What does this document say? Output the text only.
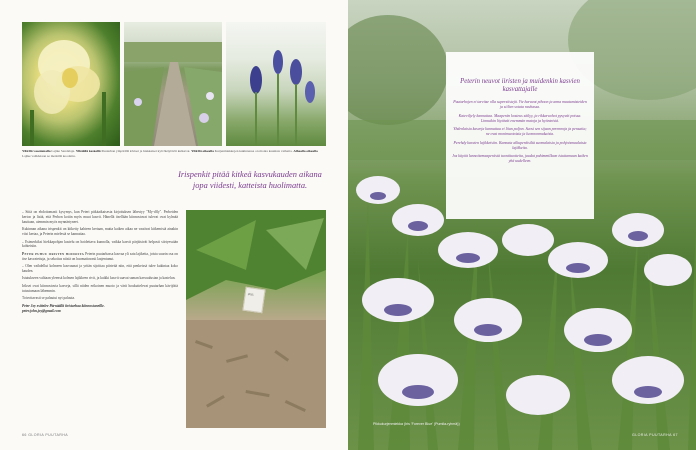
Yllä/llä vasemmalla Lajike Sandalaja. Ylhäällä keskellä Puutarhan ympärillä kiviset ja hiekkaiset kylvökäytävät kulkevat. Yllä/llä oikealla Kurjenmiekkojen kukinnassa on monta kaunista vaihetta. Alhaalla oikealla Lajike vaihdetaan se merkillä koodattu.
Irispenkit pitää kitkeä kasvukauden aikana jopa viidesti, katteista huolimatta.

– Siitä on ehdottomasti kysymys, kun Peteri pitkäaikaisesta kirjoituksen lähestyy "My-dfly". Perheiden kertoo ja lisää, että Perhon kotiin myös muut kasvit. Hänellä itsellään kiinnostavat tulevat ovat kylmää kauttaan, aiemmin myös mynnärtyneet.

Kukinnan aikana irispenkit on kitketty kahteen kertaan, mutta kaiken aikaa ne vaativat kitkemistä ainakin viisi kertaa, ja Peterin mielestä se kannattaa.

– Esimerkiksi hiekkapohjan kastelu on hoidettava kunnolla, vaikka kasvit pärjäisivät helposti siirtyessään kohteisiin.

Peter puhuu iiristen hoidosta Peterin puutarhassa kasvaa yli sata lajiketta, joista suurin osa on itse kasvatettuja, ja sekoitus niistä on huomattavasti laajentunut.

– Olen vaihdellut kolmeen kasvuunat ja yritän sijoittaa piirteitä niin, että penkeissä tulee kukintaa koko kauden.

Istutukseen valitaan yleensä kolmen lajikkeen rivit, ja kaikki kasvit saavat saman kasvualustan ja kastelun.

Irikset ovat kiinnostavia kasveja, sillä niiden erikoinen muoto ja värit houkuttelevat puutarhan kävijöitä tutustumaan lähemmin.

Toivottavasti se palautui nyt paluuta.

Peter Joy esittelee Pärnäällä iiristarhaa kiinnostuneille.
peter.john.joy@gmail.com

IRIS
66 GLORIA PUUTARHA
Peterin neuvot iiristen ja muidenkin kasvien kasvattajalle

Puutarhojen ei tarvitse olla supersiistejä. Vie haravat pihoon ja anna maatumisteiden ja siilien sotata rauhassa.

Kateviljely kannattaa. Maaperän kosteus säilyy, ja rikkaruohot pysyvät poissa. Linnutkin löytävät enemmän matoja ja hyönteisiä.

Yhdenlaisia kasveja kannattaa ei liian paljon. Suosi sen sijaan perennoja ja pensaita; ne ovat monimuotoisia ja luonnonmukaisia.

Perehdy kasvien lajikkeisiin. Kannata alkuperäisiltä suomalaisia ja pohjoismaalaisia lajikkeita.

Jos käytät lannoitemaaperästä tuontituotteita, jaudat pahimmillaan istuttamaan kaiken yhä uudelleen.

Pikkukurjenmiekka (Iris 'Forever Blue' (Pumila-ryhmä))
GLORIA PUUTARHA 67
